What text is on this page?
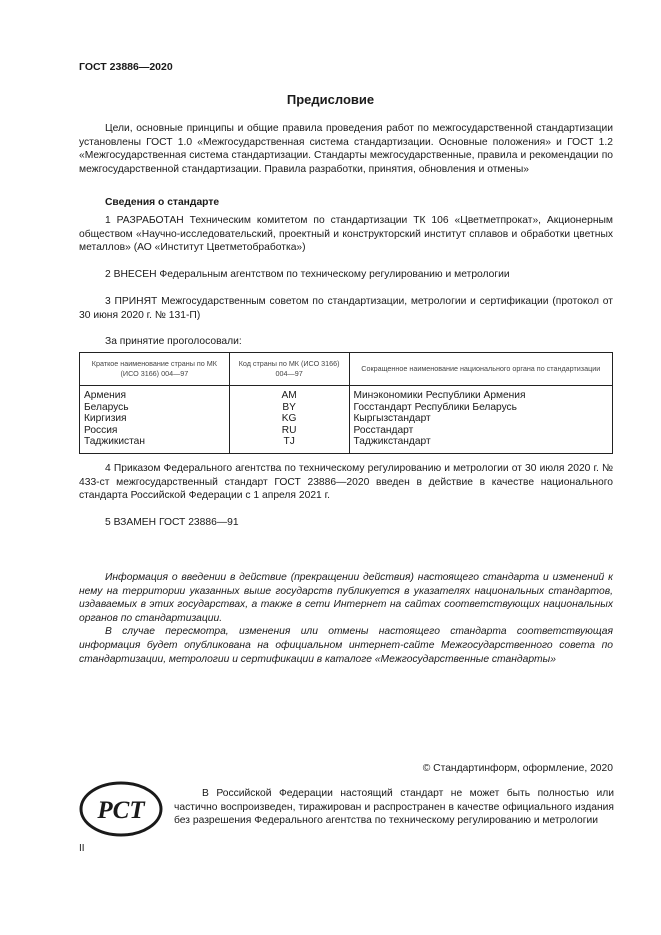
ГОСТ 23886—2020
Предисловие

Цели, основные принципы и общие правила проведения работ по межгосударственной стандартизации установлены ГОСТ 1.0 «Межгосударственная система стандартизации. Основные положения» и ГОСТ 1.2 «Межгосударственная система стандартизации. Стандарты межгосударственные, правила и рекомендации по межгосударственной стандартизации. Правила разработки, принятия, обновления и отмены»

Сведения о стандарте

1 РАЗРАБОТАН Техническим комитетом по стандартизации ТК 106 «Цветметпрокат», Акционерным обществом «Научно-исследовательский, проектный и конструкторский институт сплавов и обработки цветных металлов» (АО «Институт Цветметобработка»)

2 ВНЕСЕН Федеральным агентством по техническому регулированию и метрологии

3 ПРИНЯТ Межгосударственным советом по стандартизации, метрологии и сертификации (протокол от 30 июня 2020 г. № 131-П)

За принятие проголосовали:

Краткое наименование страны по МК (ИСО 3166) 004—97	Код страны по МК (ИСО 3166) 004—97	Сокращенное наименование национального органа по стандартизации
Армения	AM	Минэкономики Республики Армения
Беларусь	BY	Госстандарт Республики Беларусь
Киргизия	KG	Кыргызстандарт
Россия	RU	Росстандарт
Таджикистан	TJ	Таджикстандарт

4 Приказом Федерального агентства по техническому регулированию и метрологии от 30 июля 2020 г. № 433-ст межгосударственный стандарт ГОСТ 23886—2020 введен в действие в качестве национального стандарта Российской Федерации с 1 апреля 2021 г.

5 ВЗАМЕН ГОСТ 23886—91

Информация о введении в действие (прекращении действия) настоящего стандарта и изменений к нему на территории указанных выше государств публикуется в указателях национальных стандартов, издаваемых в этих государствах, а также в сети Интернет на сайтах соответствующих национальных органов по стандартизации.

В случае пересмотра, изменения или отмены настоящего стандарта соответствующая информация будет опубликована на официальном интернет-сайте Межгосударственного совета по стандартизации, метрологии и сертификации в каталоге «Межгосударственные стандарты»

© Стандартинформ, оформление, 2020
РСТ

В Российской Федерации настоящий стандарт не может быть полностью или частично воспроизведен, тиражирован и распространен в качестве официального издания без разрешения Федерального агентства по техническому регулированию и метрологии

II
